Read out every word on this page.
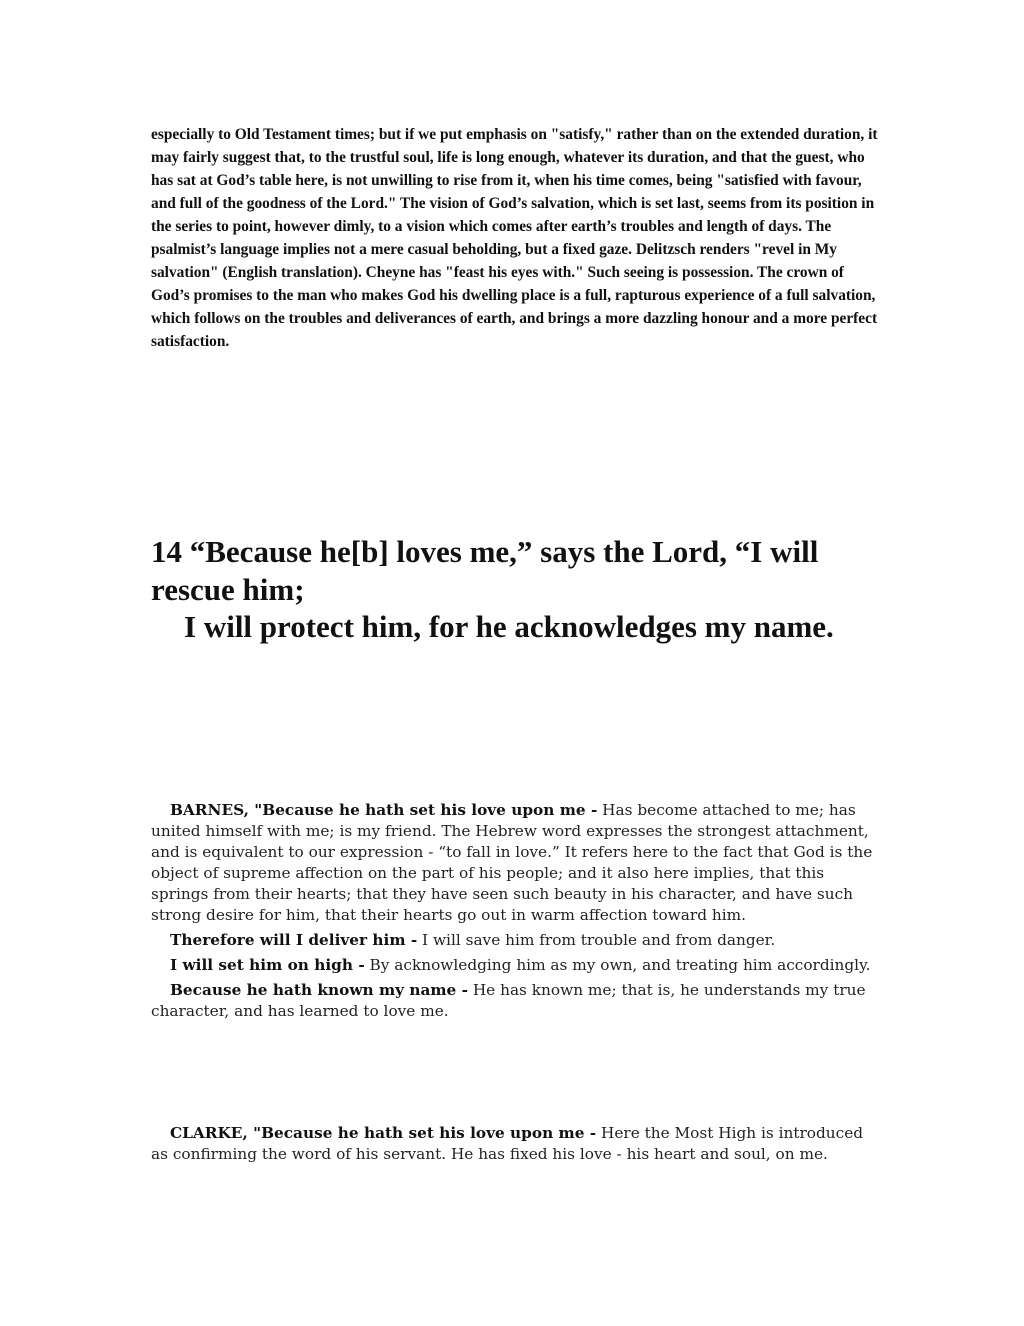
especially to Old Testament times; but if we put emphasis on "satisfy," rather than on the extended duration, it may fairly suggest that, to the trustful soul, life is long enough, whatever its duration, and that the guest, who has sat at God’s table here, is not unwilling to rise from it, when his time comes, being "satisfied with favour, and full of the goodness of the Lord." The vision of God’s salvation, which is set last, seems from its position in the series to point, however dimly, to a vision which comes after earth’s troubles and length of days. The psalmist’s language implies not a mere casual beholding, but a fixed gaze. Delitzsch renders "revel in My salvation" (English translation). Cheyne has "feast his eyes with." Such seeing is possession. The crown of God’s promises to the man who makes God his dwelling place is a full, rapturous experience of a full salvation, which follows on the troubles and deliverances of earth, and brings a more dazzling honour and a more perfect satisfaction.

14 “Because he[b] loves me,” says the Lord, “I will rescue him;
I will protect him, for he acknowledges my name.

BARNES, "Because he hath set his love upon me - Has become attached to me; has united himself with me; is my friend. The Hebrew word expresses the strongest attachment, and is equivalent to our expression - “to fall in love.” It refers here to the fact that God is the object of supreme affection on the part of his people; and it also here implies, that this springs from their hearts; that they have seen such beauty in his character, and have such strong desire for him, that their hearts go out in warm affection toward him.

Therefore will I deliver him - I will save him from trouble and from danger.

I will set him on high - By acknowledging him as my own, and treating him accordingly.

Because he hath known my name - He has known me; that is, he understands my true character, and has learned to love me.

CLARKE, "Because he hath set his love upon me - Here the Most High is introduced as confirming the word of his servant. He has fixed his love - his heart and soul, on me.
